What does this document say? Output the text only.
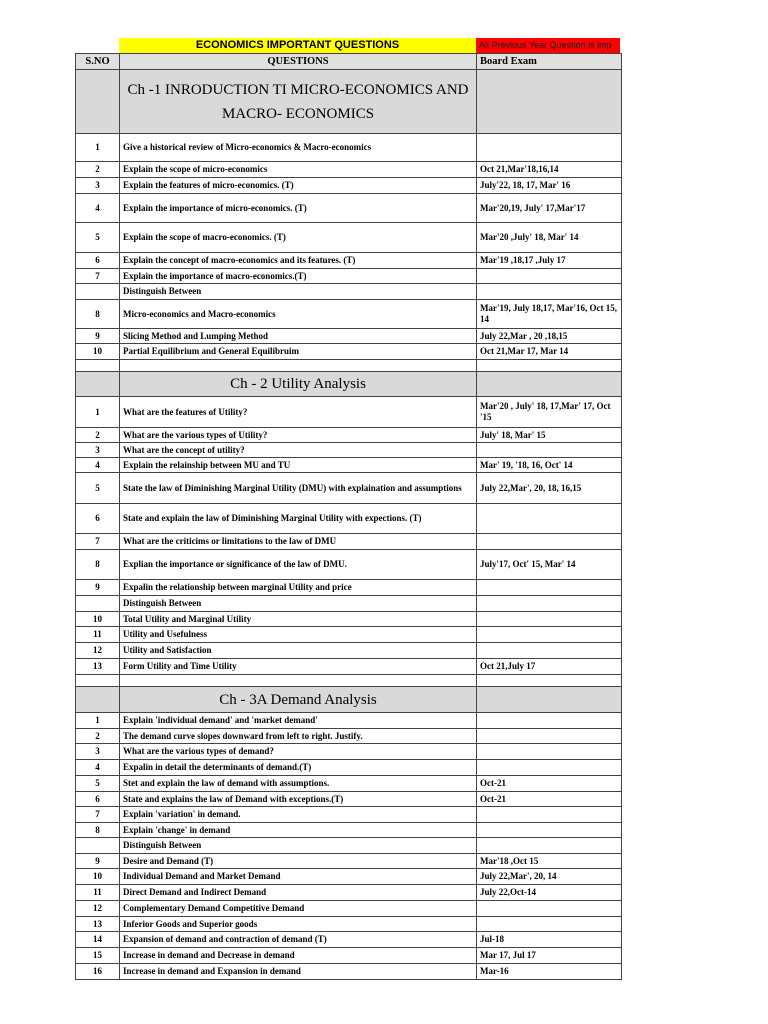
ECONOMICS IMPORTANT QUESTIONS	All Previous Year Question is imp
S.NO	QUESTIONS	Board Exam
	Ch -1 INRODUCTION TI MICRO-ECONOMICS AND MACRO- ECONOMICS	
1	Give a historical review of Micro-economics & Macro-economics	
2	Explain the scope of micro-economics	Oct 21,Mar'18,16,14
3	Explain the features of micro-economics. (T)	July'22, 18, 17, Mar' 16
4	Explain the importance of micro-economics. (T)	Mar'20,19, July' 17,Mar'17
5	Explain the scope of macro-economics. (T)	Mar'20 ,July' 18, Mar' 14
6	Explain the concept of macro-economics and its features. (T)	Mar'19 ,18,17 ,July 17
7	Explain the importance of macro-economics.(T)	
	Distinguish Between	
8	Micro-economics and Macro-economics	Mar'19, July 18,17, Mar'16, Oct 15, 14
9	Slicing Method and Lumping Method	July 22,Mar , 20 ,18,15
10	Partial Equilibrium and General Equilibruim	Oct 21,Mar 17, Mar 14

	Ch - 2 Utility Analysis	
1	What are the features of Utility?	Mar'20 , July' 18, 17,Mar' 17, Oct '15
2	What are the various types of Utility?	July' 18, Mar' 15
3	What are the concept of utility?	
4	Explain the relainship between MU and TU	Mar' 19, '18, 16, Oct' 14
5	State the law of Diminishing Marginal Utility (DMU) with explaination and assumptions	July 22,Mar', 20, 18, 16,15
6	State and explain the law of Diminishing Marginal Utility with expections. (T)	
7	What are the criticims or limitations to the law of DMU	
8	Explian the importance or significance of the law of DMU.	July'17, Oct' 15, Mar' 14
9	Expalin the relationship between marginal Utility and price	
	Distinguish Between	
10	Total Utility and Marginal Utility	
11	Utility and Usefulness	
12	Utility and Satisfaction	
13	Form Utility and Time Utility	Oct 21,July 17

	Ch - 3A Demand Analysis	
1	Explain 'individual demand' and 'market demand'	
2	The demand curve slopes downward from left to right. Justify.	
3	What are the various types of demand?	
4	Expalin in detail the determinants of demand.(T)	
5	Stet and explain the law of demand with assumptions.	Oct-21
6	State and explains the law of Demand with exceptions.(T)	Oct-21
7	Explain 'variation' in demand.	
8	Explain 'change' in demand	
	Distinguish Between	
9	Desire and Demand (T)	Mar'18 ,Oct 15
10	Individual Demand and Market Demand	July 22,Mar', 20, 14
11	Direct Demand and Indirect Demand	July 22,Oct-14
12	Complementary Demand Competitive Demand	
13	Inferior Goods and Superior goods	
14	Expansion of demand and contraction of demand (T)	Jul-18
15	Increase in demand and Decrease in demand	Mar 17, Jul 17
16	Increase in demand and Expansion in demand	Mar-16
